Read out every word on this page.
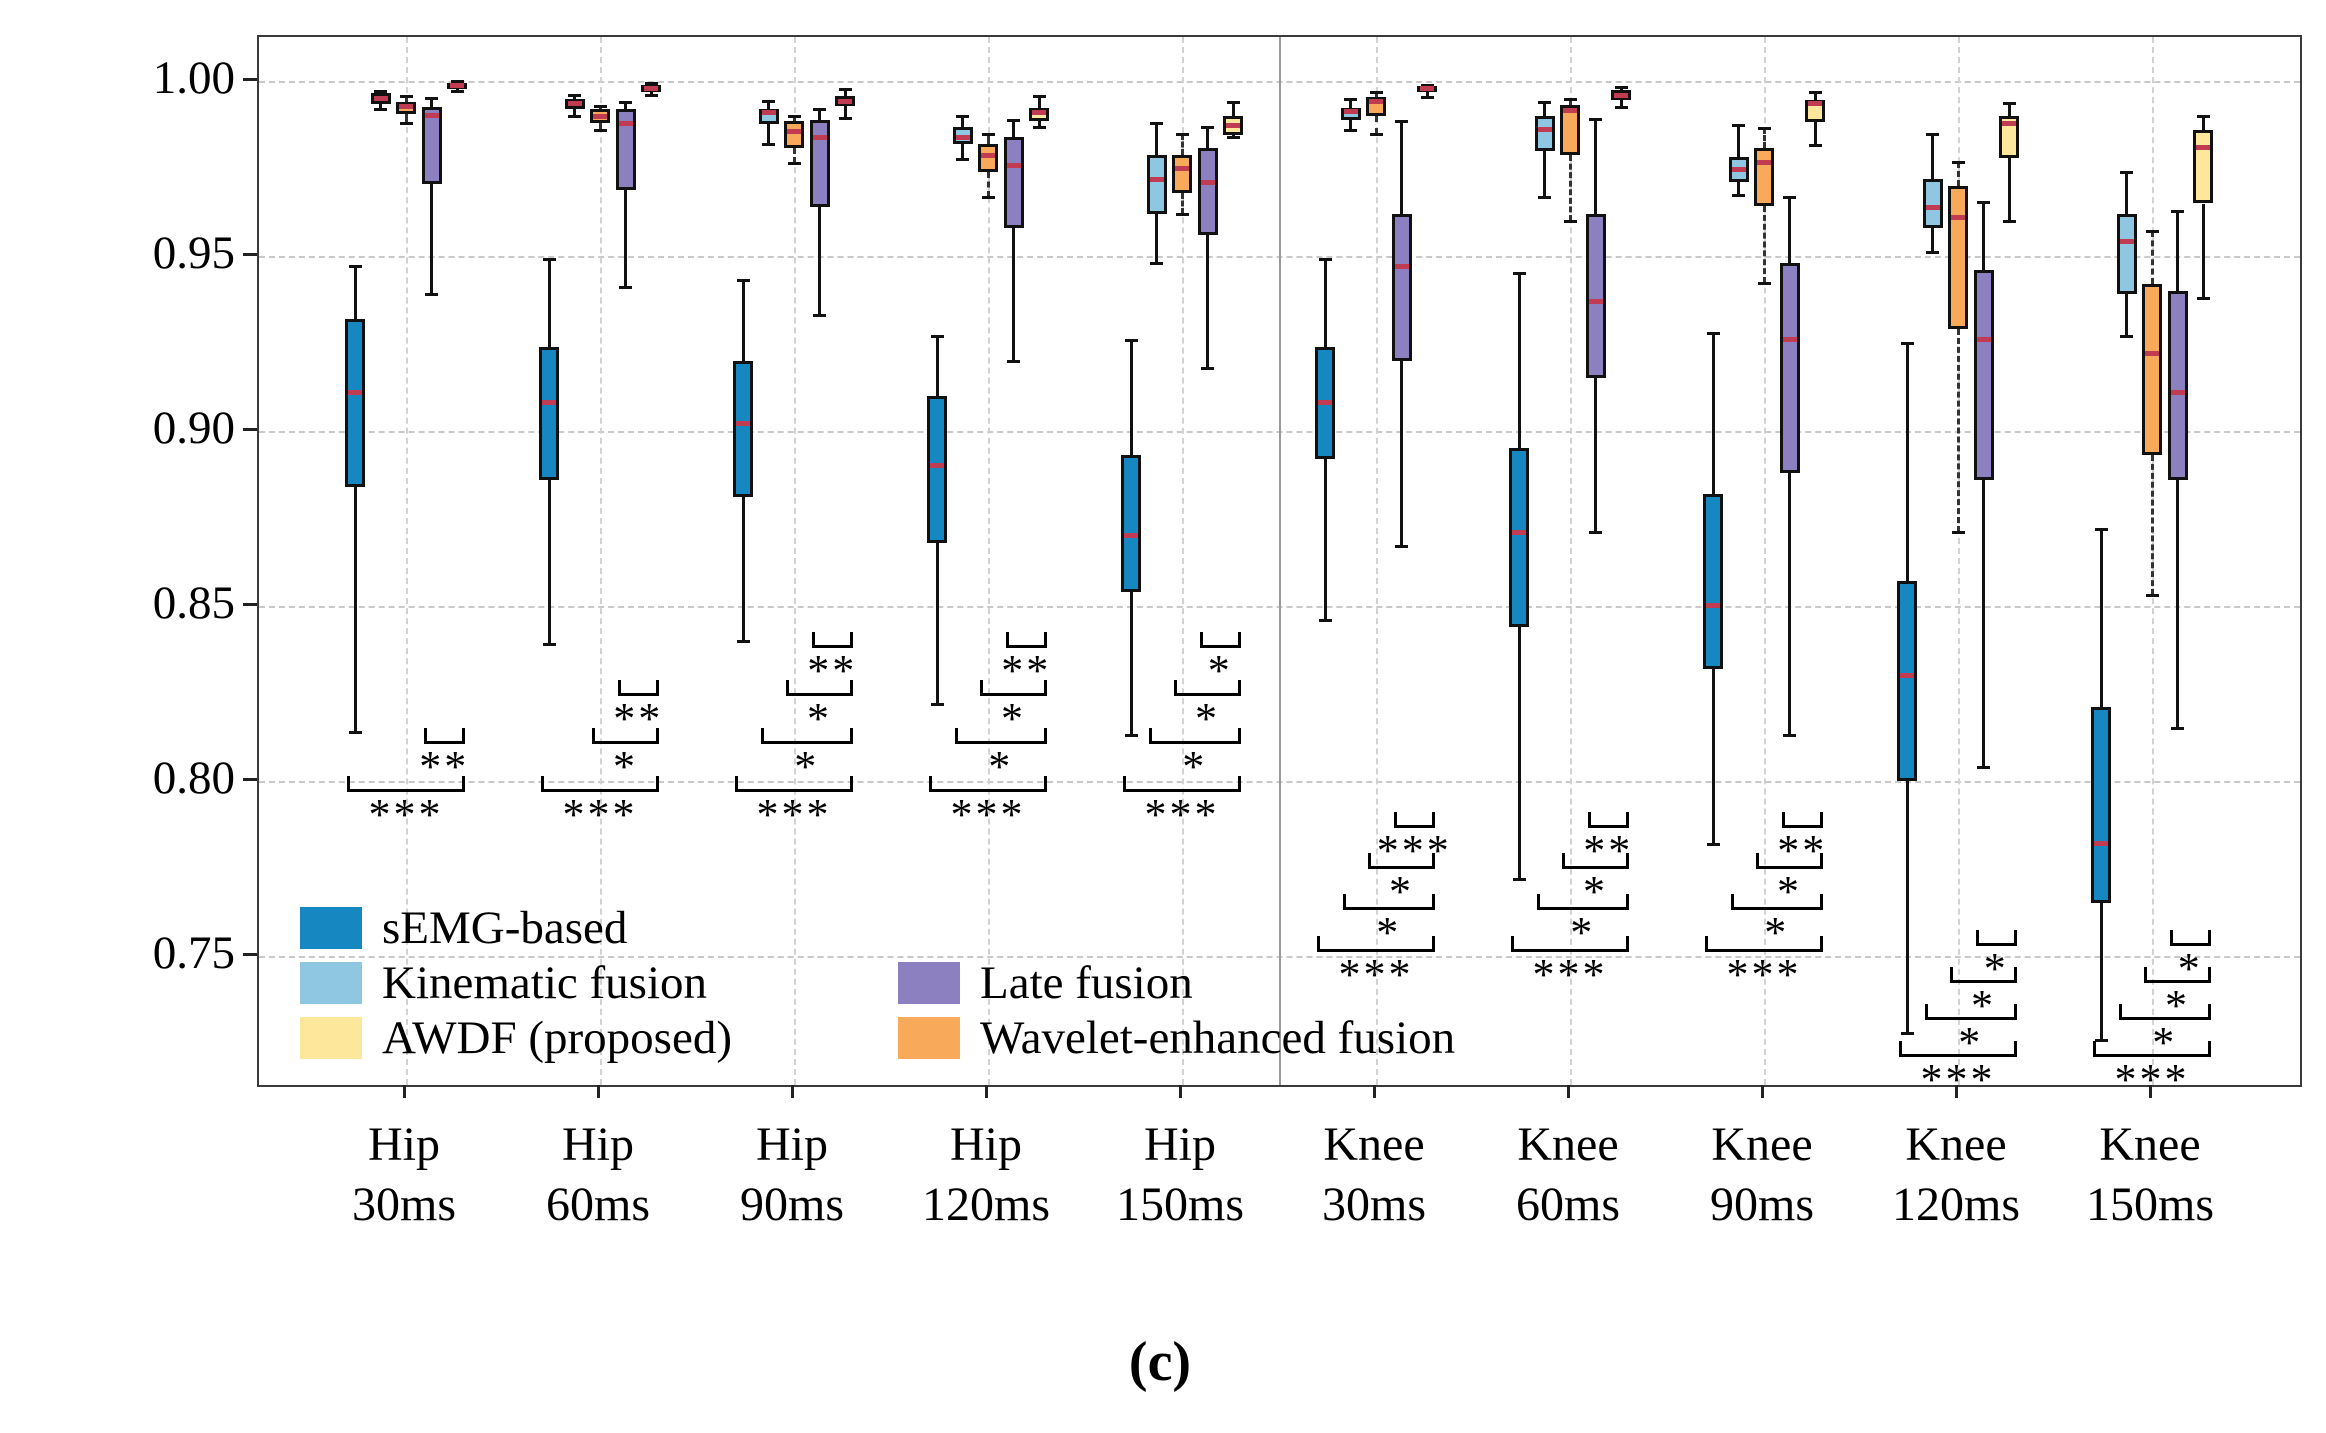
***
**
***
*
**
***
*
*
**
***
*
*
**
***
*
*
*
***
*
*
***
***
*
*
**
***
*
*
**
***
*
*
*
***
*
*
*
1.00
0.95
0.90
0.85
0.80
0.75
Hip
30ms
Hip
60ms
Hip
90ms
Hip
120ms
Hip
150ms
Knee
30ms
Knee
60ms
Knee
90ms
Knee
120ms
Knee
150ms
sEMG-based
Kinematic fusion
AWDF (proposed)
Late fusion
Wavelet-enhanced fusion
(c)
